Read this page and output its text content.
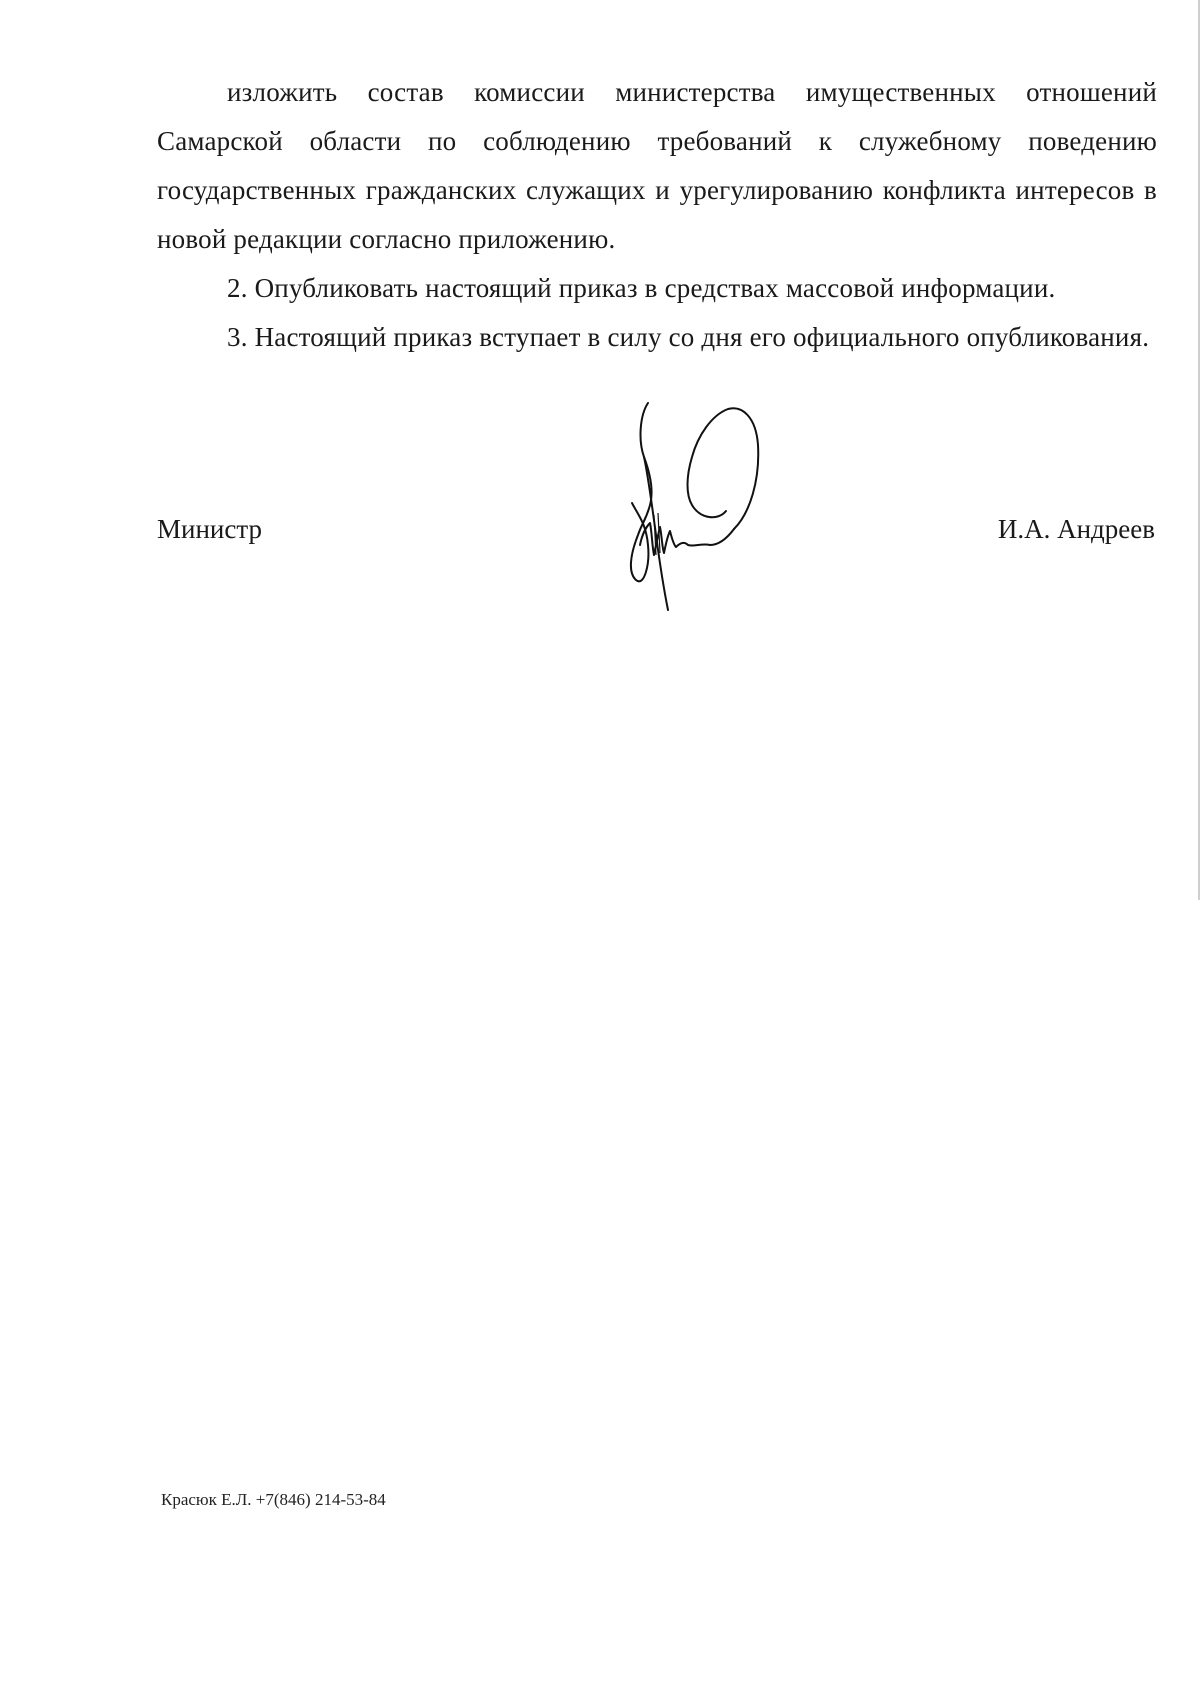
изложить состав комиссии министерства имущественных отношений Самарской области по соблюдению требований к служебному поведению государственных гражданских служащих и урегулированию конфликта интересов в новой редакции согласно приложению.

2. Опубликовать настоящий приказ в средствах массовой информации.

3. Настоящий приказ вступает в силу со дня его официального опубликования.

Министр	И.А. Андреев
Красюк Е.Л. +7(846) 214-53-84
